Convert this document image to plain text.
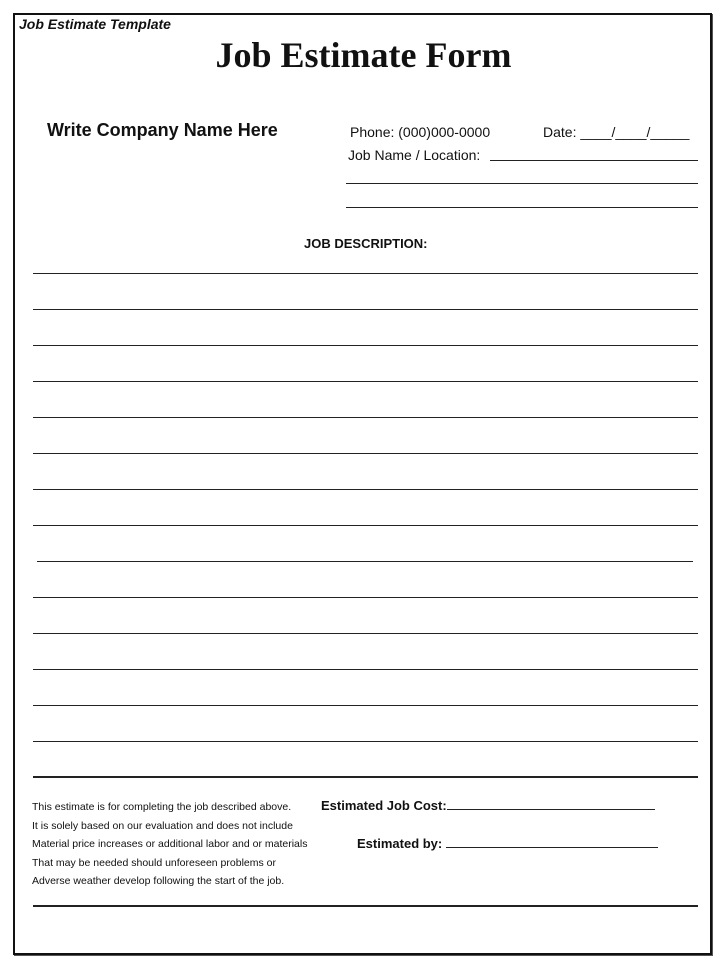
Job Estimate Template
Job Estimate Form
Write Company Name Here	Phone: (000)000-0000	Date: ____/____/_____
Job Name / Location:
JOB DESCRIPTION:
This estimate is for completing the job described above.
It is solely based on our evaluation and does not include
Material price increases or additional labor and or materials
That may be needed should unforeseen problems or
Adverse weather develop following the start of the job.
Estimated Job Cost:
Estimated by:
